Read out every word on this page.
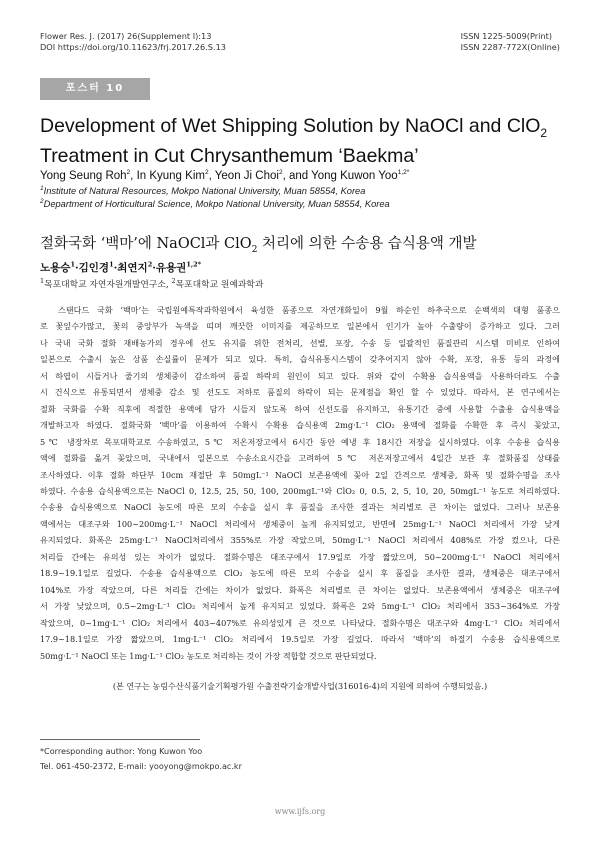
Flower Res. J. (2017) 26(Supplement I):13
DOI https://doi.org/10.11623/frj.2017.26.S.13
ISSN 1225-5009(Print)
ISSN 2287-772X(Online)
포스터 10
Development of Wet Shipping Solution by NaOCl and ClO$_2$
Treatment in Cut Chrysanthemum ‘Baekma’
Yong Seung Roh$^2$, In Kyung Kim$^2$, Yeon Ji Choi$^2$, and Yong Kuwon Yoo$^{1,2*}$
$^1$Institute of Natural Resources, Mokpo National University, Muan 58554, Korea
$^2$Department of Horticultural Science, Mokpo National University, Muan 58554, Korea
절화국화 ‘백마’에 NaOCl과 ClO$_2$ 처리에 의한 수송용 습식용액 개발
노용승$^1$·김인경$^1$·최연지$^2$·유용권$^{1,2*}$
$^1$목포대학교 자연자원개발연구소, $^2$목포대학교 원예과학과
스탠다드 국화 ‘백마’는 국립원예특작과학원에서 육성한 품종으로 자연개화일이 9월 하순인 하추국으로 순백색의 대형 품종으
로 꽃잎수가많고, 꽃의 중앙부가 녹색을 띠며 깨끗한 이미지를 제공하므로 일본에서 인기가 높아 수출량이 증가하고 있다. 그러
나 국내 국화 절화 재배농가의 경우에 선도 유지를 위한 전처리, 선별, 포장, 수송 등 일괄적인 품질관리 시스템 미비로 인하여
일본으로 수출시 높은 상품 손실률이 문제가 되고 있다. 특히, 습식유통시스템이 갖추어지지 않아 수확, 포장, 유통 등의 과정에
서 하엽이 시들거나 줄기의 생체중이 감소하여 품질 하락의 원인이 되고 있다. 위와 같이 수확용 습식용액을 사용하더라도 수출
시 건식으로 유통되면서 생체중 감소 및 선도도 저하로 품질의 하락이 되는 문제점을 확인 할 수 있었다. 따라서, 본 연구에서는
절화 국화를 수확 직후에 적절한 용액에 담가 시들지 않도록 하여 신선도를 유지하고, 유통기간 중에 사용할 수출용 습식용액을
개발하고자 하였다. 절화국화 ‘백마’를 이용하여 수확시 수확용 습식용액 2mg·L⁻¹ ClO₂ 용액에 절화를 수확한 후 즉시 꽂았고,
5℃ 냉장차로 목포대학교로 수송하였고, 5℃ 저온저장고에서 6시간 동안 예냉 후 18시간 저장을 실시하였다. 이후 수송용 습식용
액에 절화를 옮겨 꽂았으며, 국내에서 일본으로 수송소요시간을 고려하여 5℃ 저온저장고에서 4일간 보관 후 절화품질 상태를
조사하였다. 이후 절화 하단부 10cm 재절단 후 50mgL⁻¹ NaOCl 보존용액에 꽂아 2일 간격으로 생체중, 화폭 및 절화수명을 조사
하였다. 수송용 습식용액으로는 NaOCl 0, 12.5, 25, 50, 100, 200mgL⁻¹와 ClO₂ 0, 0.5, 2, 5, 10, 20, 50mgL⁻¹ 농도로 처리하였다.
수송용 습식용액으로 NaOCl 농도에 따른 모의 수송을 실시 후 품질을 조사한 결과는 처리별로 큰 차이는 없었다. 그러나 보존용
액에서는 대조구와 100~200mg·L⁻¹ NaOCl 처리에서 생체중이 높게 유지되었고, 반면에 25mg·L⁻¹ NaOCl 처리에서 가장 낮게
유지되었다. 화폭은 25mg·L⁻¹ NaOCl처리에서 355%로 가장 작았으며, 50mg·L⁻¹ NaOCl 처리에서 408%로 가장 컸으나, 다른
처리들 간에는 유의성 있는 차이가 없었다. 절화수명은 대조구에서 17.9일로 가장 짧았으며, 50~200mg·L⁻¹ NaOCl 처리에서
18.9~19.1일로 길었다. 수송용 습식용액으로 ClO₂ 농도에 따른 모의 수송을 실시 후 품질을 조사한 결과, 생체중은 대조구에서
104%로 가장 작았으며, 다른 처리들 간에는 차이가 없었다. 화폭은 처리별로 큰 차이는 없었다. 보존용액에서 생체중은 대조구에
서 가장 낮았으며, 0.5~2mg·L⁻¹ ClO₂ 처리에서 높게 유지되고 있었다. 화폭은 2와 5mg·L⁻¹ ClO₂ 처리에서 353~364%로 가장
작았으며, 0~1mg·L⁻¹ ClO₂ 처리에서 403~407%로 유의성있게 큰 것으로 나타났다. 절화수명은 대조구와 4mg·L⁻¹ ClO₂ 처리에서
17.9~18.1일로 가장 짧았으며, 1mg·L⁻¹ ClO₂ 처리에서 19.5일로 가장 길었다. 따라서 ‘백마’의 하절기 수송용 습식용액으로
50mg·L⁻¹ NaOCl 또는 1mg·L⁻¹ ClO₂ 농도로 처리하는 것이 가장 적합할 것으로 판단되었다.
(본 연구는 농림수산식품기술기획평가원 수출전략기술개발사업(316016-4)의 지원에 의하여 수행되었음.)
*Corresponding author: Yong Kuwon Yoo
Tel. 061-450-2372, E-mail: yooyong@mokpo.ac.kr
www.ijfs.org
